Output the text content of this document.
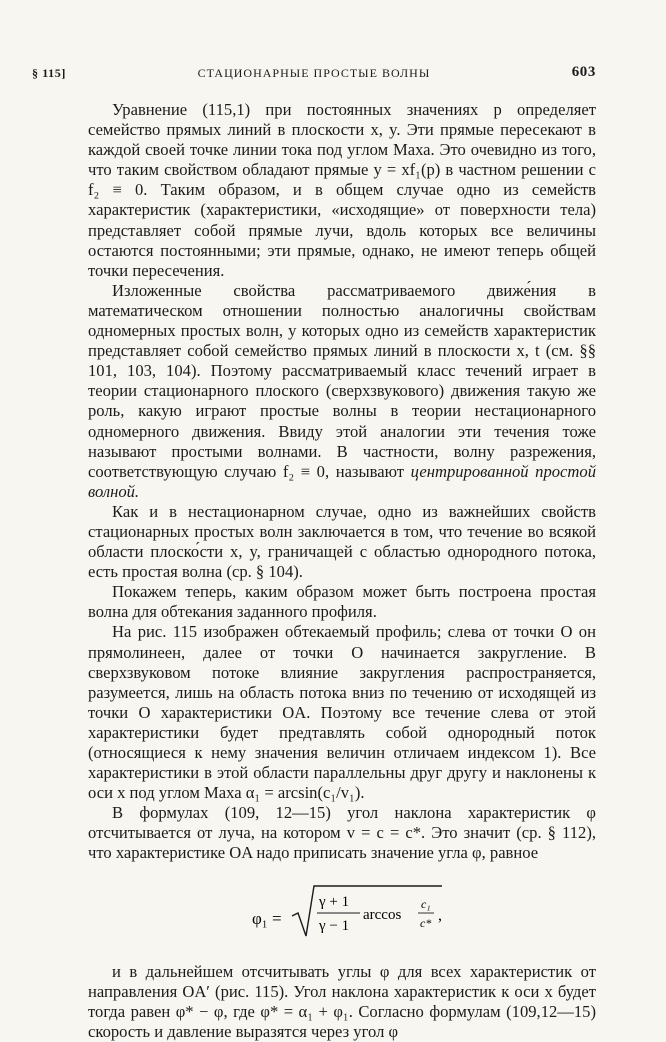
§ 115]	СТАЦИОНАРНЫЕ ПРОСТЫЕ ВОЛНЫ	603

Уравнение (115,1) при постоянных значениях p определяет семейство прямых линий в плоскости x, y. Эти прямые пересекают в каждой своей точке линии тока под углом Маха. Это очевидно из того, что таким свойством обладают прямые y = xf₁(p) в частном решении с f₂ ≡ 0. Таким образом, и в общем случае одно из семейств характеристик (характеристики, «исходящие» от поверхности тела) представляет собой прямые лучи, вдоль которых все величины остаются постоянными; эти прямые, однако, не имеют теперь общей точки пересечения.

Изложенные свойства рассматриваемого движе́ния в математическом отношении полностью аналогичны свойствам одномерных простых волн, у которых одно из семейств характеристик представляет собой семейство прямых линий в плоскости x, t (см. §§ 101, 103, 104). Поэтому рассматриваемый класс течений играет в теории стационарного плоского (сверхзвукового) движения такую же роль, какую играют простые волны в теории нестационарного одномерного движения. Ввиду этой аналогии эти течения тоже называют простыми волнами. В частности, волну разрежения, соответствующую случаю f₂ ≡ 0, называют центрированной простой волной.

Как и в нестационарном случае, одно из важнейших свойств стационарных простых волн заключается в том, что течение во всякой области плоско́сти x, y, граничащей с областью однородного потока, есть простая волна (ср. § 104).

Покажем теперь, каким образом может быть построена простая волна для обтекания заданного профиля.

На рис. 115 изображен обтекаемый профиль; слева от точки O он прямолинеен, далее от точки O начинается закругление. В сверхзвуковом потоке влияние закругления распространяется, разумеется, лишь на область потока вниз по течению от исходящей из точки O характеристики OA. Поэтому все течение слева от этой характеристики будет предтавлять собой однородный поток (относящиеся к нему значения величин отличаем индексом 1). Все характеристики в этой области параллельны друг другу и наклонены к оси x под углом Маха α₁ = arcsin(c₁/v₁).

В формулах (109, 12—15) угол наклона характеристик φ отсчитывается от луча, на котором v = c = c*. Это значит (ср. § 112), что характеристике OA надо приписать значение угла φ, равное

φ₁ =
γ + 1
γ − 1
arccos
c₁
c* ,

и в дальнейшем отсчитывать углы φ для всех характеристик от направления OA′ (рис. 115). Угол наклона характеристик к оси x будет тогда равен φ* − φ, где φ* = α₁ + φ₁. Согласно формулам (109,12—15) скорость и давление выразятся через угол φ
